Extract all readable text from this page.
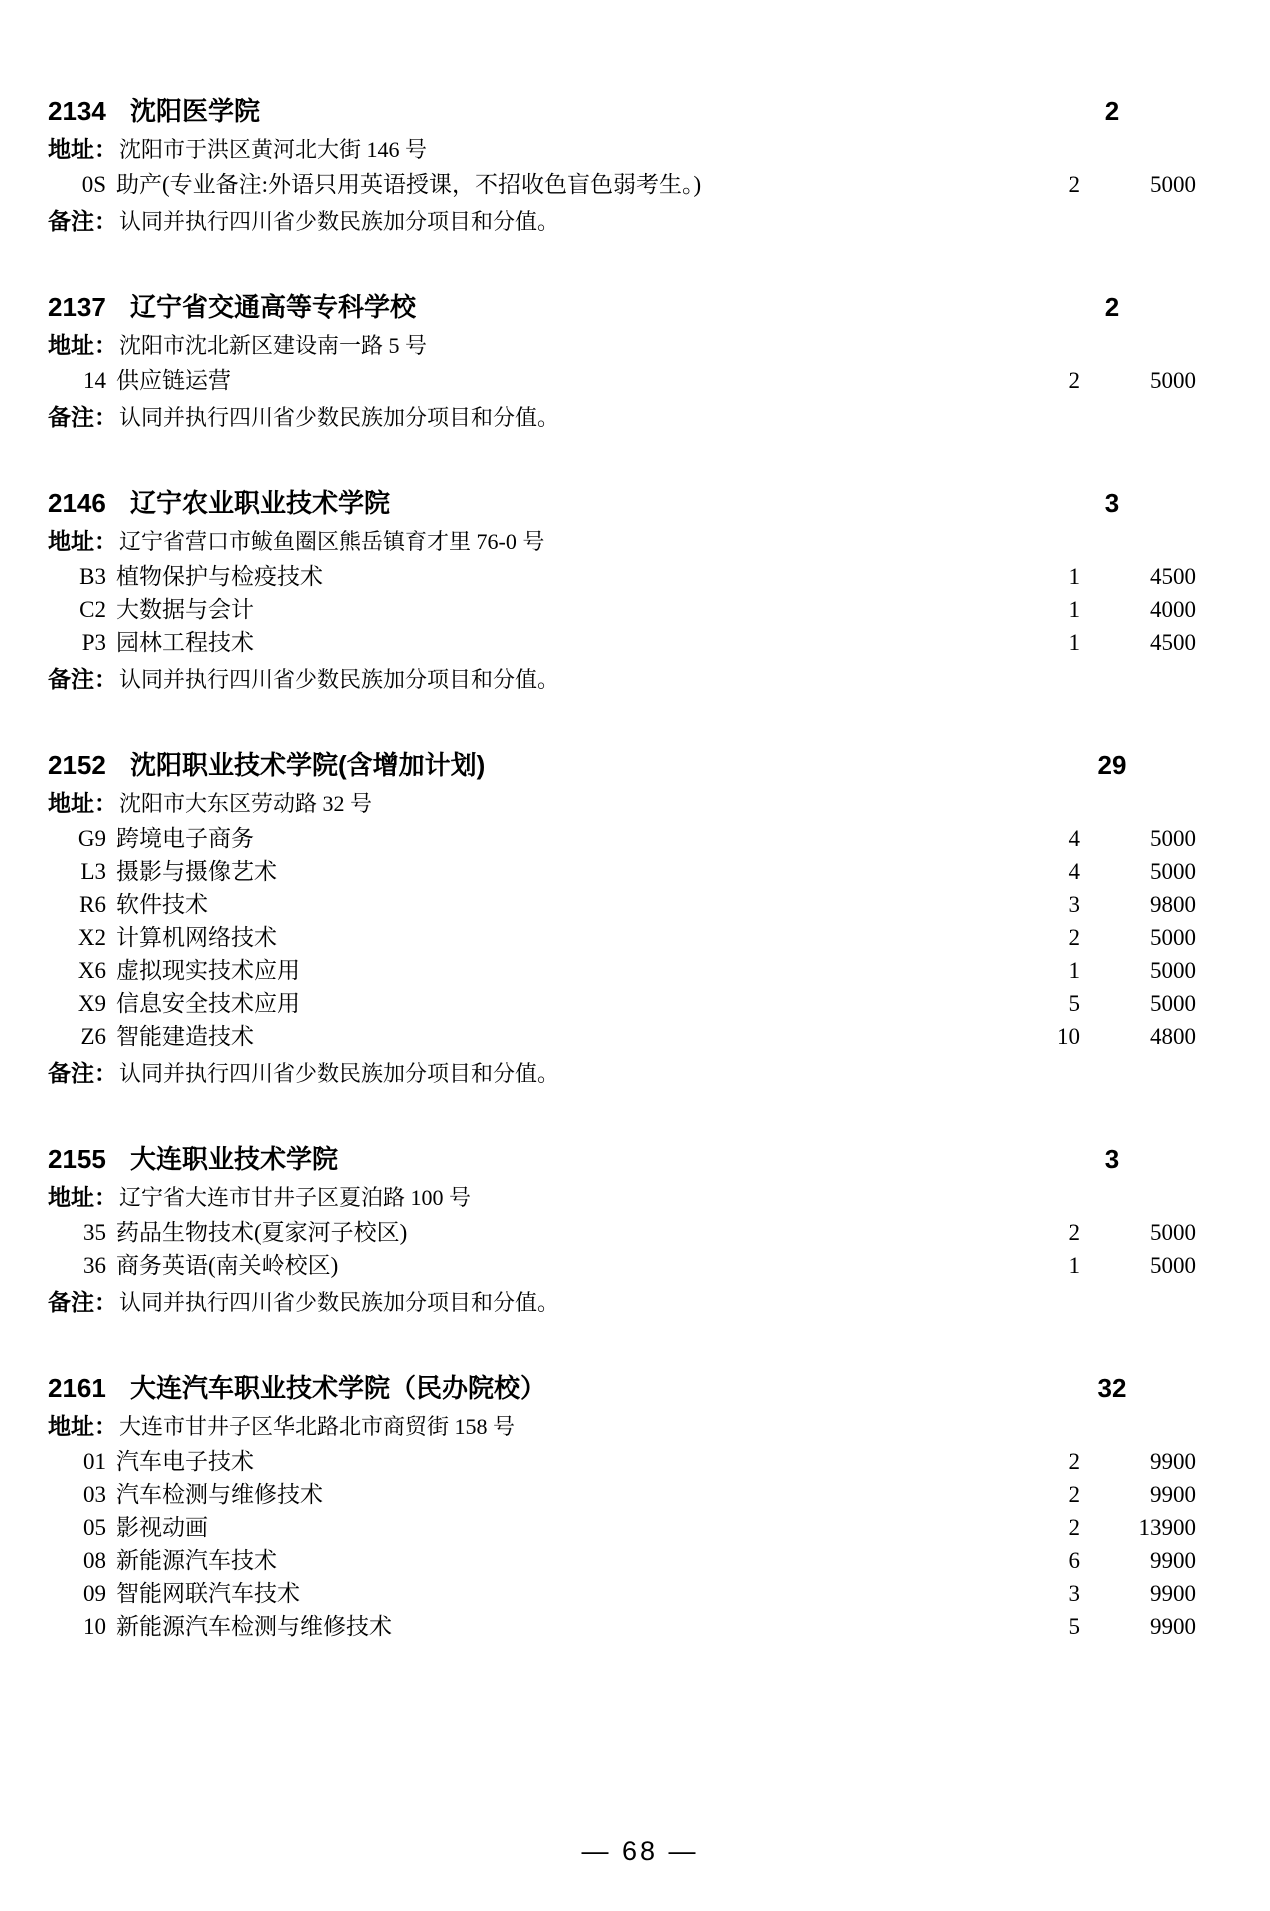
2134 沈阳医学院	2
地址： 沈阳市于洪区黄河北大街 146 号
0S 助产(专业备注:外语只用英语授课，不招收色盲色弱考生。)	2	5000
备注： 认同并执行四川省少数民族加分项目和分值。
2137 辽宁省交通高等专科学校	2
地址： 沈阳市沈北新区建设南一路 5 号
14 供应链运营	2	5000
备注： 认同并执行四川省少数民族加分项目和分值。
2146 辽宁农业职业技术学院	3
地址： 辽宁省营口市鲅鱼圈区熊岳镇育才里 76-0 号
B3 植物保护与检疫技术	1	4500
C2 大数据与会计	1	4000
P3 园林工程技术	1	4500
备注： 认同并执行四川省少数民族加分项目和分值。
2152 沈阳职业技术学院(含增加计划)	29
地址： 沈阳市大东区劳动路 32 号
G9 跨境电子商务	4	5000
L3 摄影与摄像艺术	4	5000
R6 软件技术	3	9800
X2 计算机网络技术	2	5000
X6 虚拟现实技术应用	1	5000
X9 信息安全技术应用	5	5000
Z6 智能建造技术	10	4800
备注： 认同并执行四川省少数民族加分项目和分值。
2155 大连职业技术学院	3
地址： 辽宁省大连市甘井子区夏泊路 100 号
35 药品生物技术(夏家河子校区)	2	5000
36 商务英语(南关岭校区)	1	5000
备注： 认同并执行四川省少数民族加分项目和分值。
2161 大连汽车职业技术学院（民办院校）	32
地址： 大连市甘井子区华北路北市商贸街 158 号
01 汽车电子技术	2	9900
03 汽车检测与维修技术	2	9900
05 影视动画	2	13900
08 新能源汽车技术	6	9900
09 智能网联汽车技术	3	9900
10 新能源汽车检测与维修技术	5	9900
— 68 —
